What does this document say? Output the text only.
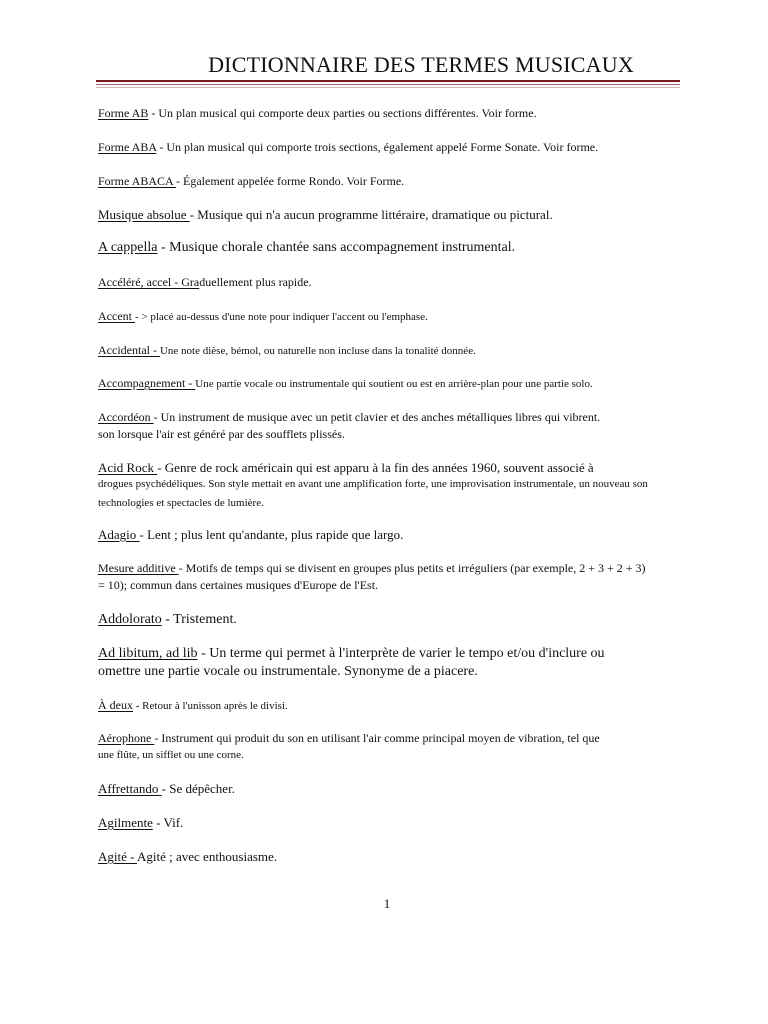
DICTIONNAIRE DES TERMES MUSICAUX
Forme AB - Un plan musical qui comporte deux parties ou sections différentes. Voir forme.
Forme ABA - Un plan musical qui comporte trois sections, également appelé Forme Sonate. Voir forme.
Forme ABACA - Également appelée forme Rondo. Voir Forme.
Musique absolue - Musique qui n'a aucun programme littéraire, dramatique ou pictural.
A cappella - Musique chorale chantée sans accompagnement instrumental.
Accéléré, accel - Graduellement plus rapide.
Accent - > placé au-dessus d'une note pour indiquer l'accent ou l'emphase.
Accidental - Une note dièse, bémol, ou naturelle non incluse dans la tonalité donnée.
Accompagnement - Une partie vocale ou instrumentale qui soutient ou est en arrière-plan pour une partie solo.
Accordéon - Un instrument de musique avec un petit clavier et des anches métalliques libres qui vibrent.
son lorsque l'air est généré par des soufflets plissés.
Acid Rock - Genre de rock américain qui est apparu à la fin des années 1960, souvent associé à
drogues psychédéliques. Son style mettait en avant une amplification forte, une improvisation instrumentale, un nouveau son
technologies et spectacles de lumière.
Adagio - Lent ; plus lent qu'andante, plus rapide que largo.
Mesure additive - Motifs de temps qui se divisent en groupes plus petits et irréguliers (par exemple, 2 + 3 + 2 + 3)
= 10); commun dans certaines musiques d'Europe de l'Est.
Addolorato - Tristement.
Ad libitum, ad lib - Un terme qui permet à l'interprète de varier le tempo et/ou d'inclure ou
omettre une partie vocale ou instrumentale. Synonyme de a piacere.
À deux - Retour à l'unisson après le divisi.
Aérophone - Instrument qui produit du son en utilisant l'air comme principal moyen de vibration, tel que
une flûte, un sifflet ou une corne.
Affrettando - Se dépêcher.
Agilmente - Vif.
Agité - Agité ; avec enthousiasme.
1
